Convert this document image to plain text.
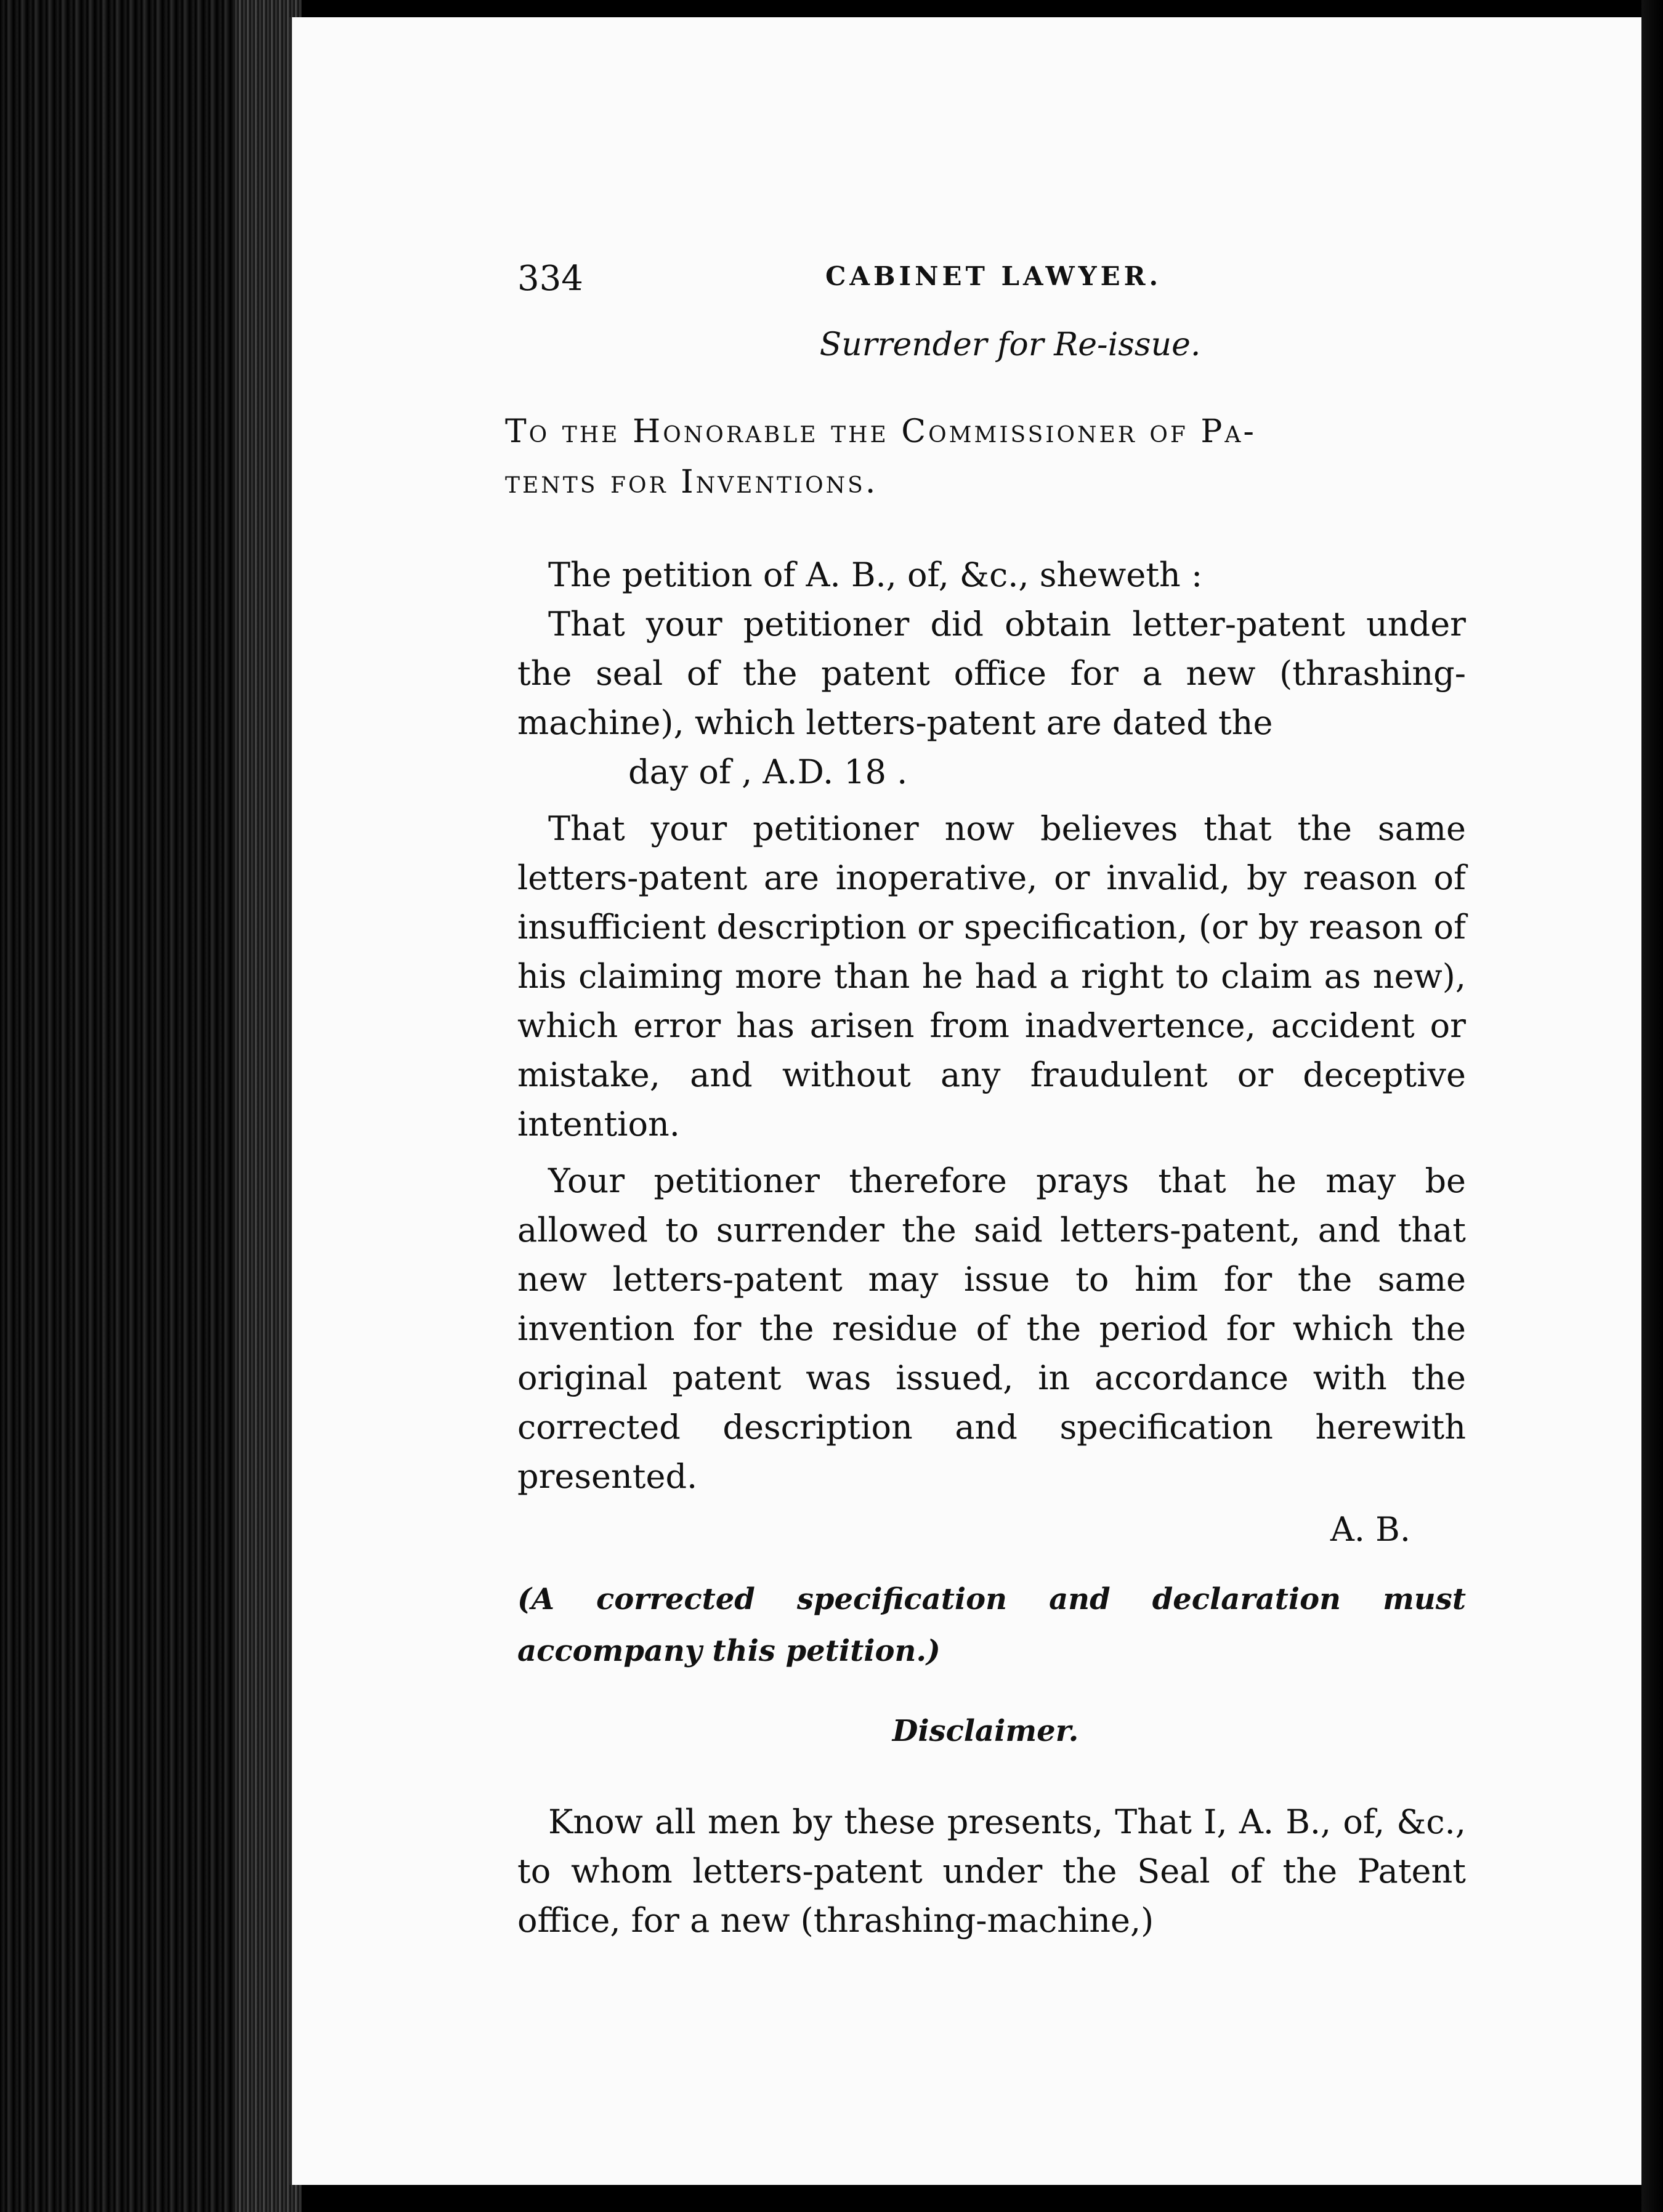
334	CABINET LAWYER.
Surrender for Re-issue.
To the Honorable the Commissioner of Pa-
tents for Inventions.

The petition of A. B., of, &c., sheweth :

That your petitioner did obtain letter-patent under the seal of the patent office for a new (thrashing-machine), which letters-patent are dated the

day of , A.D. 18 .

That your petitioner now believes that the same letters-patent are inoperative, or invalid, by reason of insufficient description or specification, (or by reason of his claiming more than he had a right to claim as new), which error has arisen from inadvertence, accident or mistake, and without any fraudulent or deceptive intention.

Your petitioner therefore prays that he may be allowed to surrender the said letters-patent, and that new letters-patent may issue to him for the same invention for the residue of the period for which the original patent was issued, in accordance with the corrected description and specification herewith presented.

A. B.
(A corrected specification and declaration must accompany this petition.)
Disclaimer.

Know all men by these presents, That I, A. B., of, &c., to whom letters-patent under the Seal of the Patent office, for a new (thrashing-machine,)
